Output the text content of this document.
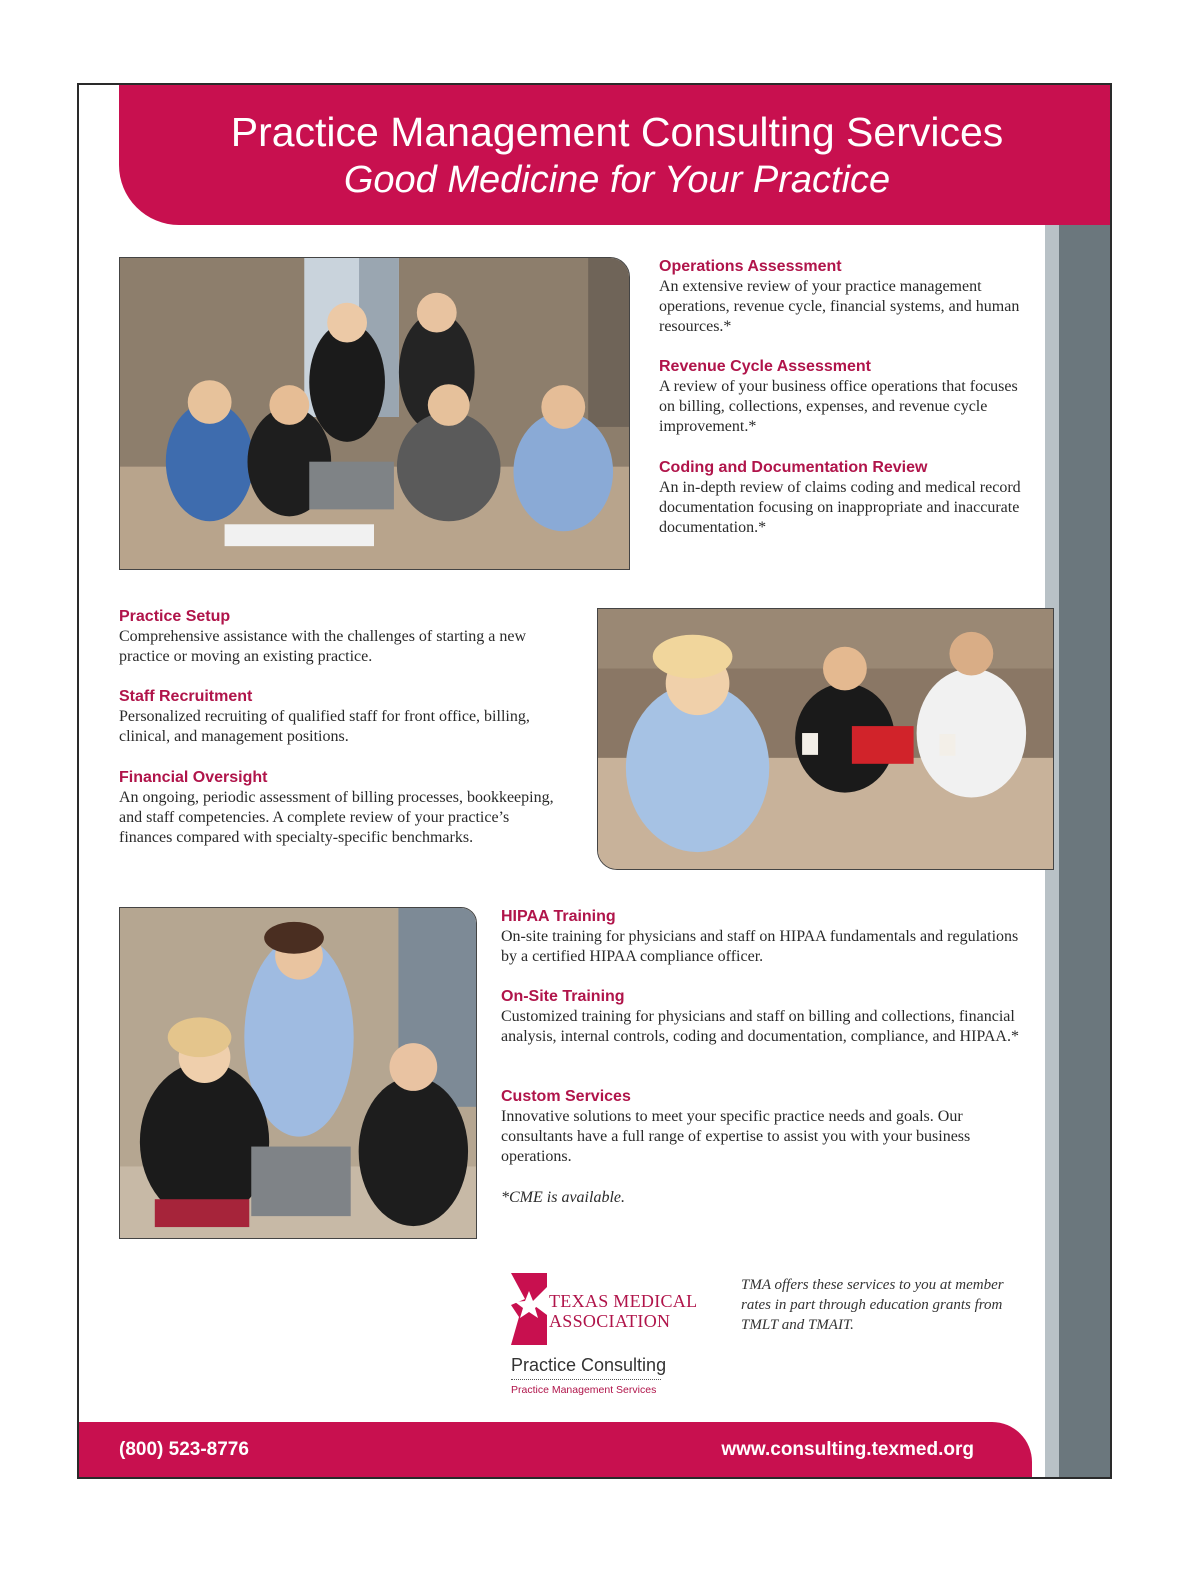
Practice Management Consulting Services
Good Medicine for Your Practice
Operations Assessment
An extensive review of your practice management operations, revenue cycle, financial systems, and human resources.*
Revenue Cycle Assessment
A review of your business office operations that focuses on billing, collections, expenses, and revenue cycle improvement.*
Coding and Documentation Review
An in-depth review of claims coding and medical record documentation focusing on inappropriate and inaccurate documentation.*
Practice Setup
Comprehensive assistance with the challenges of starting a new practice or moving an existing practice.
Staff Recruitment
Personalized recruiting of qualified staff for front office, billing, clinical, and management positions.
Financial Oversight
An ongoing, periodic assessment of billing processes, bookkeeping, and staff competencies. A complete review of your practice’s finances compared with specialty-specific benchmarks.
HIPAA Training
On-site training for physicians and staff on HIPAA fundamentals and regulations by a certified HIPAA compliance officer.
On-Site Training
Customized training for physicians and staff on billing and collections, financial analysis, internal controls, coding and documentation, compliance, and HIPAA.*
Custom Services
Innovative solutions to meet your specific practice needs and goals. Our consultants have a full range of expertise to assist you with your business operations.
*CME is available.
TEXAS MEDICAL
ASSOCIATION
Practice Consulting
Practice Management Services
TMA offers these services to you at member rates in part through education grants from TMLT and TMAIT.
(800) 523-8776	www.consulting.texmed.org
